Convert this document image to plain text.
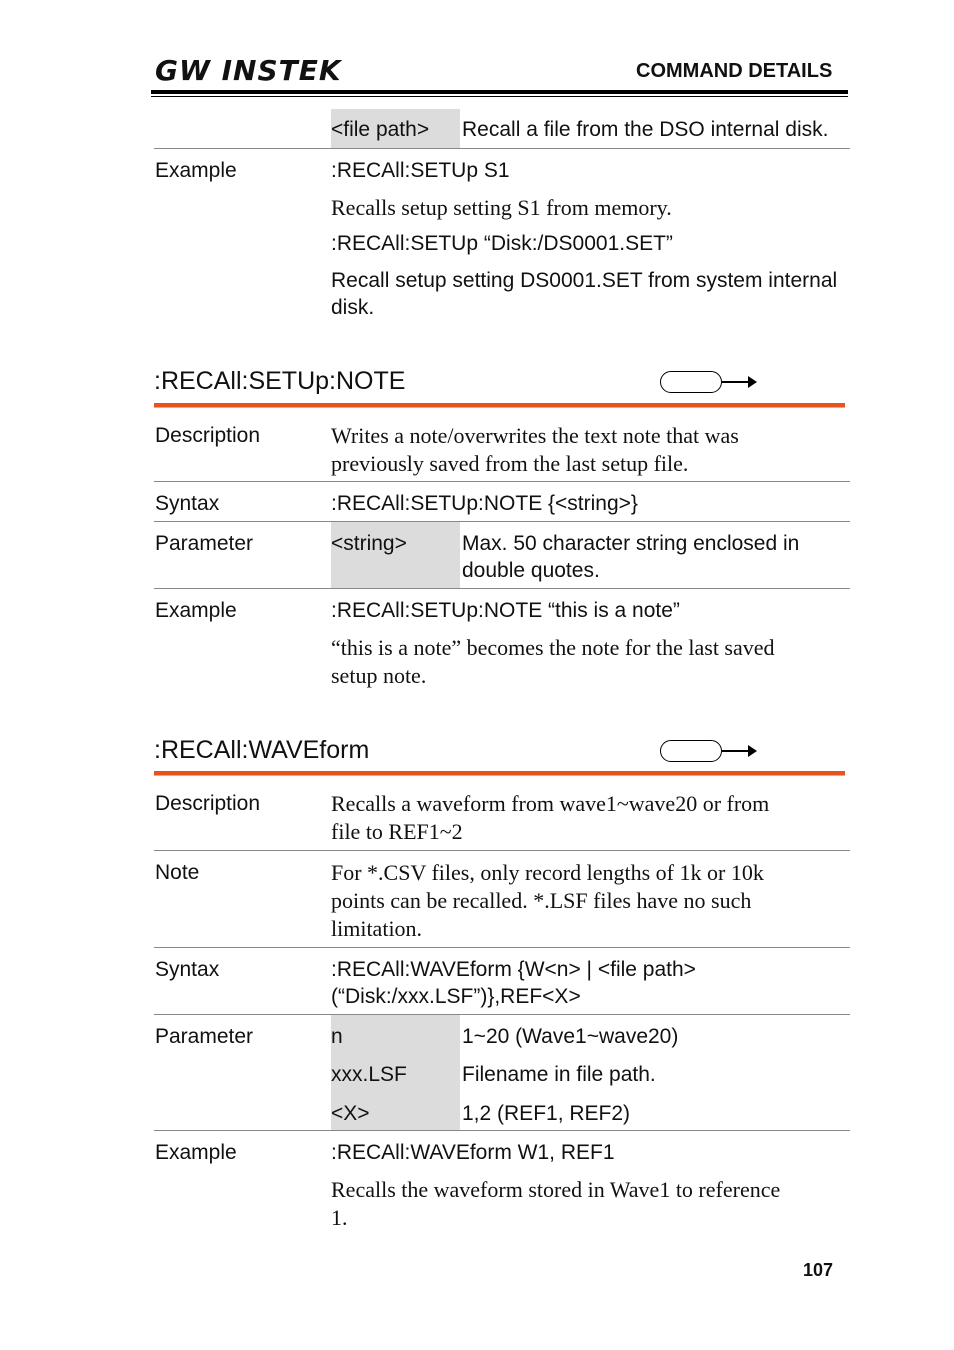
GW INSTEK	COMMAND DETAILS
<file path> Recall a file from the DSO internal disk.
Example	:RECAll:SETUp S1
Recalls setup setting S1 from memory.
:RECAll:SETUp “Disk:/DS0001.SET”
Recall setup setting DS0001.SET from system internal
disk.
:RECAll:SETUp:NOTE
Description	Writes a note/overwrites the text note that was
previously saved from the last setup file.
Syntax	:RECAll:SETUp:NOTE {<string>}
Parameter	<string>	Max. 50 character string enclosed in
double quotes.
Example	:RECAll:SETUp:NOTE “this is a note”
“this is a note” becomes the note for the last saved
setup note.
:RECAll:WAVEform
Description	Recalls a waveform from wave1~wave20 or from
file to REF1~2
Note	For *.CSV files, only record lengths of 1k or 10k
points can be recalled. *.LSF files have no such
limitation.
Syntax	:RECAll:WAVEform {W<n> | <file path>
(“Disk:/xxx.LSF”)},REF<X>
Parameter	n	1~20 (Wave1~wave20)
xxx.LSF	Filename in file path.
<X>	1,2 (REF1, REF2)
Example	:RECAll:WAVEform W1, REF1
Recalls the waveform stored in Wave1 to reference
1.
107
